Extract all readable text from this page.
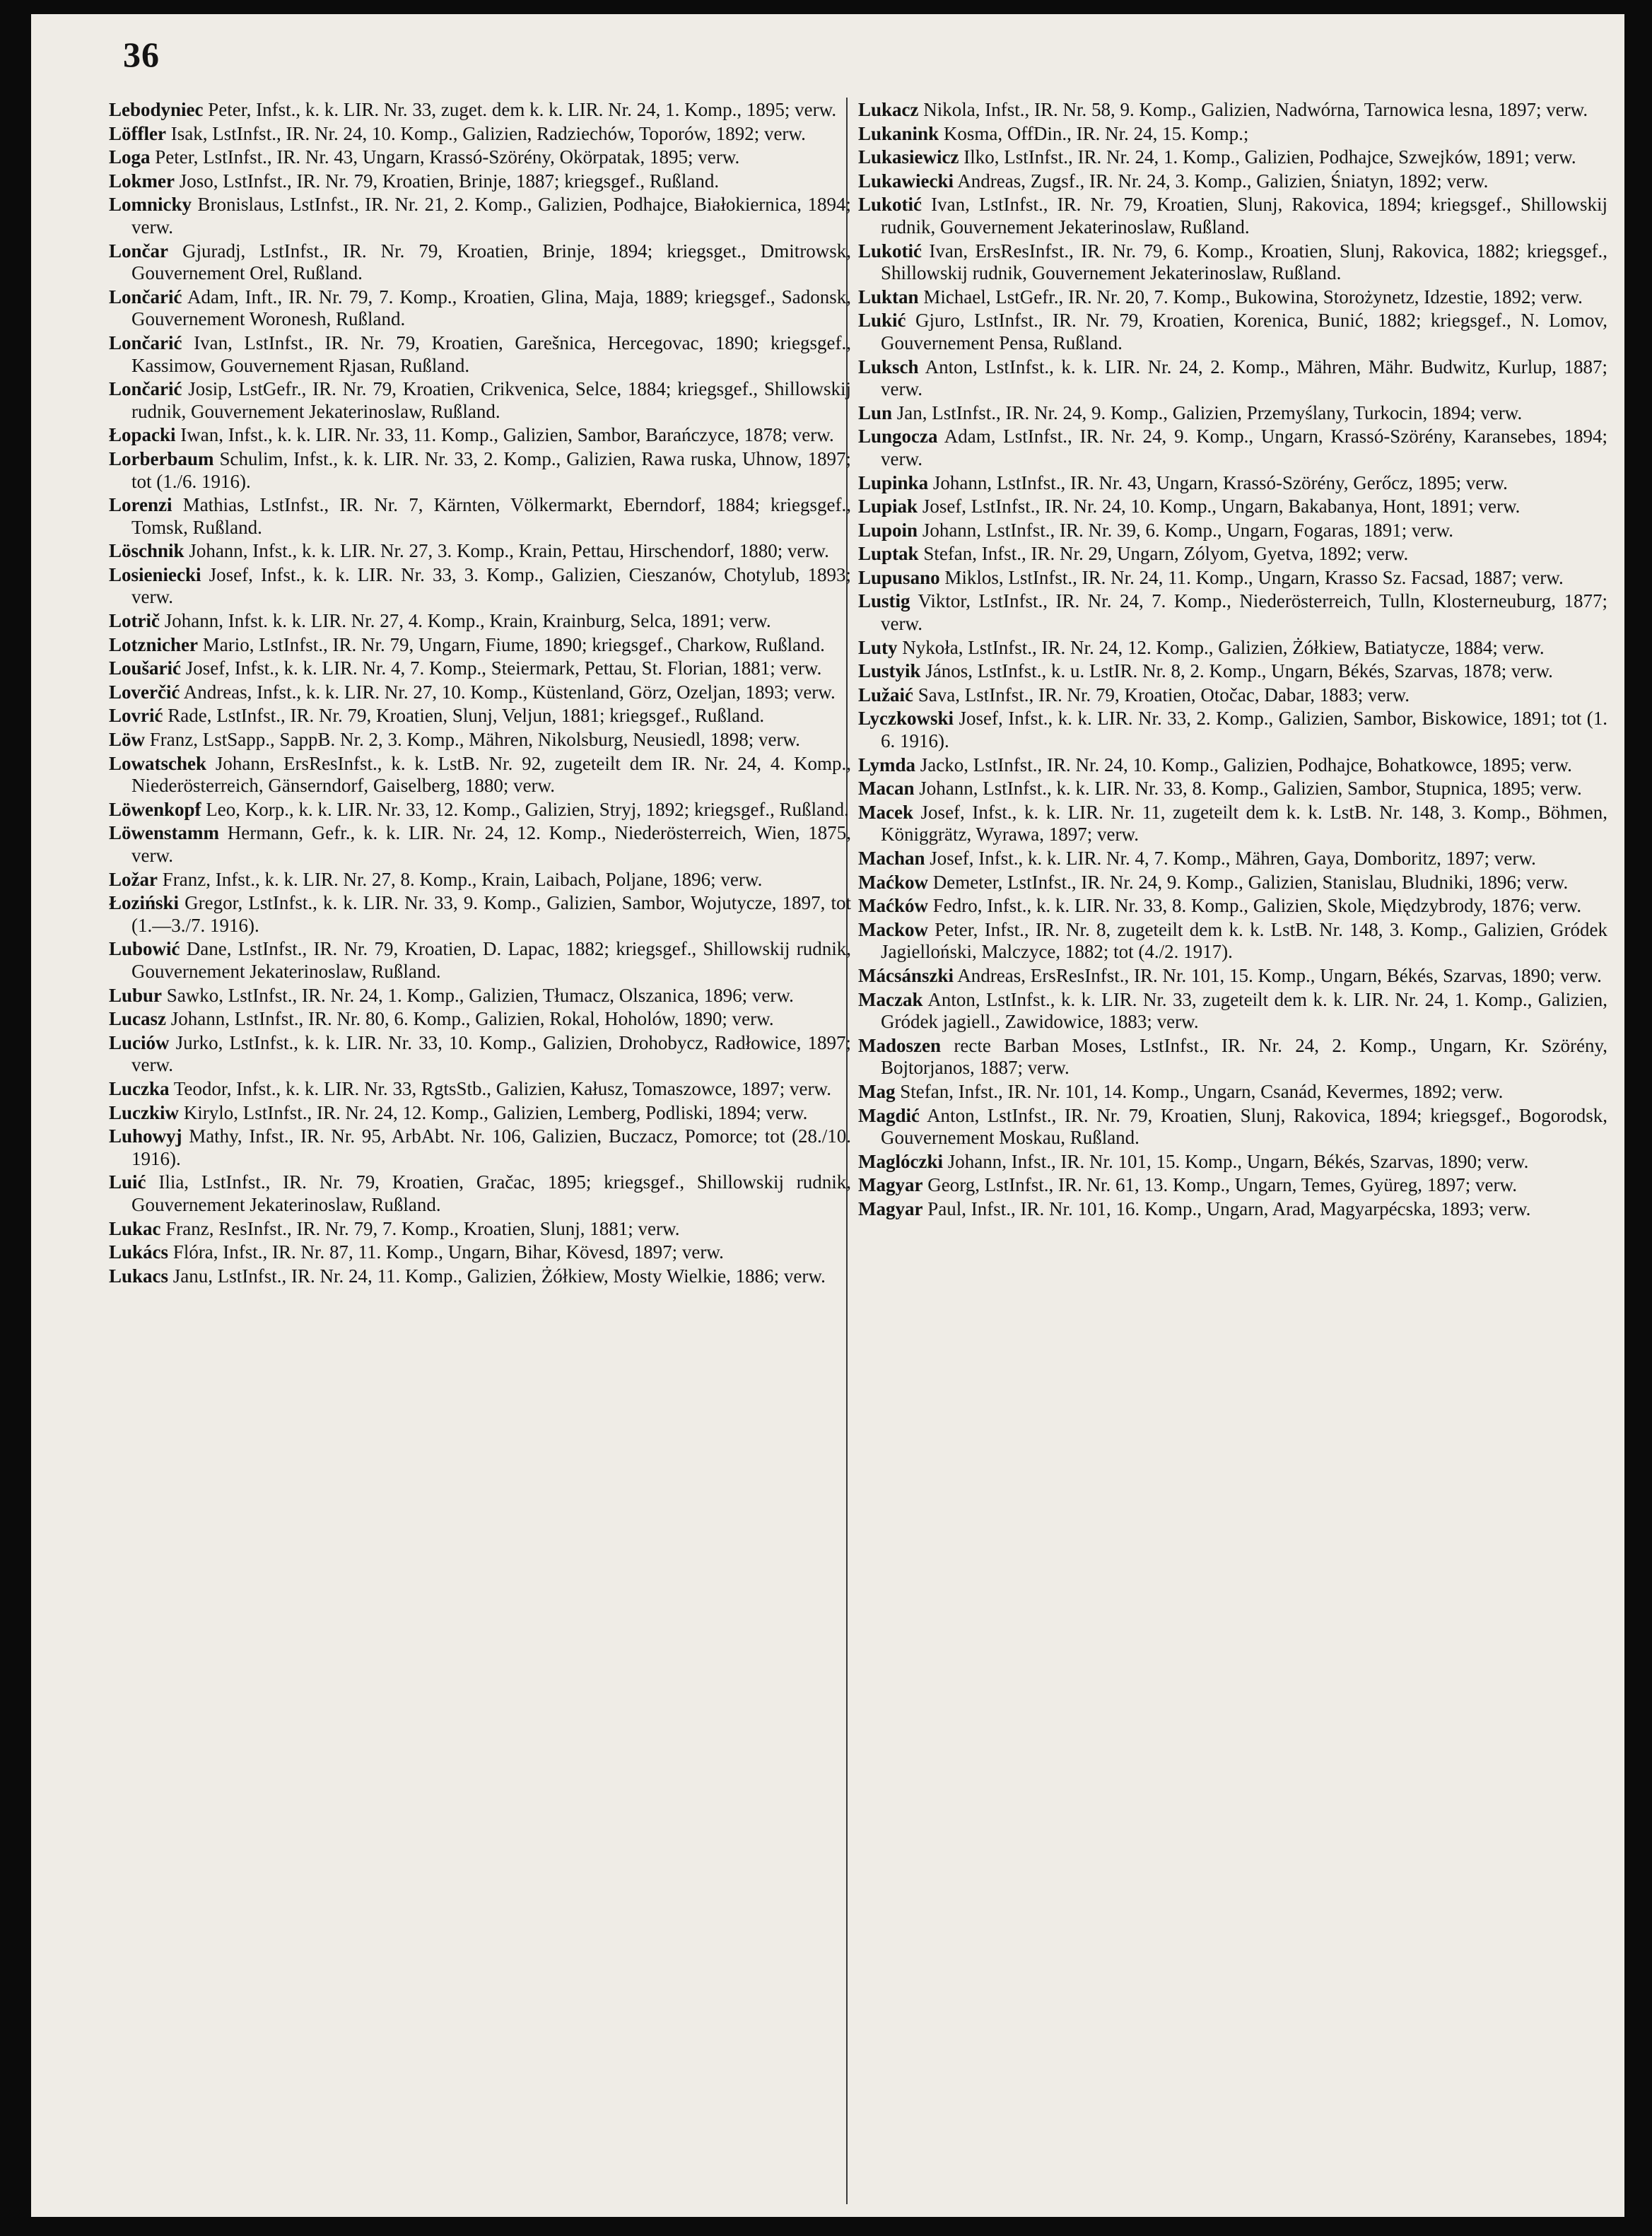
36

Lebodyniec Peter, Infst., k. k. LIR. Nr. 33, zuget. dem k. k. LIR. Nr. 24, 1. Komp., 1895; verw.

Löffler Isak, LstInfst., IR. Nr. 24, 10. Komp., Galizien, Radziechów, Toporów, 1892; verw.

Loga Peter, LstInfst., IR. Nr. 43, Ungarn, Krassó-Szörény, Okörpatak, 1895; verw.

Lokmer Joso, LstInfst., IR. Nr. 79, Kroatien, Brinje, 1887; kriegsgef., Rußland.

Lomnicky Bronislaus, LstInfst., IR. Nr. 21, 2. Komp., Galizien, Podhajce, Białokiernica, 1894; verw.

Lončar Gjuradj, LstInfst., IR. Nr. 79, Kroatien, Brinje, 1894; kriegsget., Dmitrowsk, Gouvernement Orel, Rußland.

Lončarić Adam, Inft., IR. Nr. 79, 7. Komp., Kroatien, Glina, Maja, 1889; kriegsgef., Sadonsk, Gouvernement Woronesh, Rußland.

Lončarić Ivan, LstInfst., IR. Nr. 79, Kroatien, Garešnica, Hercegovac, 1890; kriegsgef., Kassimow, Gouvernement Rjasan, Rußland.

Lončarić Josip, LstGefr., IR. Nr. 79, Kroatien, Crikvenica, Selce, 1884; kriegsgef., Shillowskij rudnik, Gouvernement Jekaterinoslaw, Rußland.

Łopacki Iwan, Infst., k. k. LIR. Nr. 33, 11. Komp., Galizien, Sambor, Barańczyce, 1878; verw.

Lorberbaum Schulim, Infst., k. k. LIR. Nr. 33, 2. Komp., Galizien, Rawa ruska, Uhnow, 1897; tot (1./6. 1916).

Lorenzi Mathias, LstInfst., IR. Nr. 7, Kärnten, Völkermarkt, Eberndorf, 1884; kriegsgef., Tomsk, Rußland.

Löschnik Johann, Infst., k. k. LIR. Nr. 27, 3. Komp., Krain, Pettau, Hirschendorf, 1880; verw.

Losieniecki Josef, Infst., k. k. LIR. Nr. 33, 3. Komp., Galizien, Cieszanów, Chotylub, 1893; verw.

Lotrič Johann, Infst. k. k. LIR. Nr. 27, 4. Komp., Krain, Krainburg, Selca, 1891; verw.

Lotznicher Mario, LstInfst., IR. Nr. 79, Ungarn, Fiume, 1890; kriegsgef., Charkow, Rußland.

Loušarić Josef, Infst., k. k. LIR. Nr. 4, 7. Komp., Steiermark, Pettau, St. Florian, 1881; verw.

Loverčić Andreas, Infst., k. k. LIR. Nr. 27, 10. Komp., Küstenland, Görz, Ozeljan, 1893; verw.

Lovrić Rade, LstInfst., IR. Nr. 79, Kroatien, Slunj, Veljun, 1881; kriegsgef., Rußland.

Löw Franz, LstSapp., SappB. Nr. 2, 3. Komp., Mähren, Nikolsburg, Neusiedl, 1898; verw.

Lowatschek Johann, ErsResInfst., k. k. LstB. Nr. 92, zugeteilt dem IR. Nr. 24, 4. Komp., Niederösterreich, Gänserndorf, Gaiselberg, 1880; verw.

Löwenkopf Leo, Korp., k. k. LIR. Nr. 33, 12. Komp., Galizien, Stryj, 1892; kriegsgef., Rußland.

Löwenstamm Hermann, Gefr., k. k. LIR. Nr. 24, 12. Komp., Niederösterreich, Wien, 1875, verw.

Ložar Franz, Infst., k. k. LIR. Nr. 27, 8. Komp., Krain, Laibach, Poljane, 1896; verw.

Łoziński Gregor, LstInfst., k. k. LIR. Nr. 33, 9. Komp., Galizien, Sambor, Wojutycze, 1897, tot (1.—3./7. 1916).

Lubowić Dane, LstInfst., IR. Nr. 79, Kroatien, D. Lapac, 1882; kriegsgef., Shillowskij rudnik, Gouvernement Jekaterinoslaw, Rußland.

Lubur Sawko, LstInfst., IR. Nr. 24, 1. Komp., Galizien, Tłumacz, Olszanica, 1896; verw.

Lucasz Johann, LstInfst., IR. Nr. 80, 6. Komp., Galizien, Rokal, Hoholów, 1890; verw.

Luciów Jurko, LstInfst., k. k. LIR. Nr. 33, 10. Komp., Galizien, Drohobycz, Radłowice, 1897; verw.

Luczka Teodor, Infst., k. k. LIR. Nr. 33, RgtsStb., Galizien, Kałusz, Tomaszowce, 1897; verw.

Luczkiw Kirylo, LstInfst., IR. Nr. 24, 12. Komp., Galizien, Lemberg, Podliski, 1894; verw.

Luhowyj Mathy, Infst., IR. Nr. 95, ArbAbt. Nr. 106, Galizien, Buczacz, Pomorce; tot (28./10. 1916).

Luić Ilia, LstInfst., IR. Nr. 79, Kroatien, Gračac, 1895; kriegsgef., Shillowskij rudnik, Gouvernement Jekaterinoslaw, Rußland.

Lukac Franz, ResInfst., IR. Nr. 79, 7. Komp., Kroatien, Slunj, 1881; verw.

Lukács Flóra, Infst., IR. Nr. 87, 11. Komp., Ungarn, Bihar, Kövesd, 1897; verw.

Lukacs Janu, LstInfst., IR. Nr. 24, 11. Komp., Galizien, Żółkiew, Mosty Wielkie, 1886; verw.

Lukacz Nikola, Infst., IR. Nr. 58, 9. Komp., Galizien, Nadwórna, Tarnowica lesna, 1897; verw.

Lukanink Kosma, OffDin., IR. Nr. 24, 15. Komp.;

Lukasiewicz Ilko, LstInfst., IR. Nr. 24, 1. Komp., Galizien, Podhajce, Szwejków, 1891; verw.

Lukawiecki Andreas, Zugsf., IR. Nr. 24, 3. Komp., Galizien, Śniatyn, 1892; verw.

Lukotić Ivan, LstInfst., IR. Nr. 79, Kroatien, Slunj, Rakovica, 1894; kriegsgef., Shillowskij rudnik, Gouvernement Jekaterinoslaw, Rußland.

Lukotić Ivan, ErsResInfst., IR. Nr. 79, 6. Komp., Kroatien, Slunj, Rakovica, 1882; kriegsgef., Shillowskij rudnik, Gouvernement Jekaterinoslaw, Rußland.

Luktan Michael, LstGefr., IR. Nr. 20, 7. Komp., Bukowina, Storożynetz, Idzestie, 1892; verw.

Lukić Gjuro, LstInfst., IR. Nr. 79, Kroatien, Korenica, Bunić, 1882; kriegsgef., N. Lomov, Gouvernement Pensa, Rußland.

Luksch Anton, LstInfst., k. k. LIR. Nr. 24, 2. Komp., Mähren, Mähr. Budwitz, Kurlup, 1887; verw.

Lun Jan, LstInfst., IR. Nr. 24, 9. Komp., Galizien, Przemyślany, Turkocin, 1894; verw.

Lungocza Adam, LstInfst., IR. Nr. 24, 9. Komp., Ungarn, Krassó-Szörény, Karansebes, 1894; verw.

Lupinka Johann, LstInfst., IR. Nr. 43, Ungarn, Krassó-Szörény, Gerőcz, 1895; verw.

Lupiak Josef, LstInfst., IR. Nr. 24, 10. Komp., Ungarn, Bakabanya, Hont, 1891; verw.

Lupoin Johann, LstInfst., IR. Nr. 39, 6. Komp., Ungarn, Fogaras, 1891; verw.

Luptak Stefan, Infst., IR. Nr. 29, Ungarn, Zólyom, Gyetva, 1892; verw.

Lupusano Miklos, LstInfst., IR. Nr. 24, 11. Komp., Ungarn, Krasso Sz. Facsad, 1887; verw.

Lustig Viktor, LstInfst., IR. Nr. 24, 7. Komp., Niederösterreich, Tulln, Klosterneuburg, 1877; verw.

Luty Nykoła, LstInfst., IR. Nr. 24, 12. Komp., Galizien, Żółkiew, Batiatycze, 1884; verw.

Lustyik János, LstInfst., k. u. LstIR. Nr. 8, 2. Komp., Ungarn, Békés, Szarvas, 1878; verw.

Lužaić Sava, LstInfst., IR. Nr. 79, Kroatien, Otočac, Dabar, 1883; verw.

Lyczkowski Josef, Infst., k. k. LIR. Nr. 33, 2. Komp., Galizien, Sambor, Biskowice, 1891; tot (1. 6. 1916).

Lymda Jacko, LstInfst., IR. Nr. 24, 10. Komp., Galizien, Podhajce, Bohatkowce, 1895; verw.

Macan Johann, LstInfst., k. k. LIR. Nr. 33, 8. Komp., Galizien, Sambor, Stupnica, 1895; verw.

Macek Josef, Infst., k. k. LIR. Nr. 11, zugeteilt dem k. k. LstB. Nr. 148, 3. Komp., Böhmen, Königgrätz, Wyrawa, 1897; verw.

Machan Josef, Infst., k. k. LIR. Nr. 4, 7. Komp., Mähren, Gaya, Domboritz, 1897; verw.

Maćkow Demeter, LstInfst., IR. Nr. 24, 9. Komp., Galizien, Stanislau, Bludniki, 1896; verw.

Maćków Fedro, Infst., k. k. LIR. Nr. 33, 8. Komp., Galizien, Skole, Międzybrody, 1876; verw.

Mackow Peter, Infst., IR. Nr. 8, zugeteilt dem k. k. LstB. Nr. 148, 3. Komp., Galizien, Gródek Jagielloński, Malczyce, 1882; tot (4./2. 1917).

Mácsánszki Andreas, ErsResInfst., IR. Nr. 101, 15. Komp., Ungarn, Békés, Szarvas, 1890; verw.

Maczak Anton, LstInfst., k. k. LIR. Nr. 33, zugeteilt dem k. k. LIR. Nr. 24, 1. Komp., Galizien, Gródek jagiell., Zawidowice, 1883; verw.

Madoszen recte Barban Moses, LstInfst., IR. Nr. 24, 2. Komp., Ungarn, Kr. Szörény, Bojtorjanos, 1887; verw.

Mag Stefan, Infst., IR. Nr. 101, 14. Komp., Ungarn, Csanád, Kevermes, 1892; verw.

Magdić Anton, LstInfst., IR. Nr. 79, Kroatien, Slunj, Rakovica, 1894; kriegsgef., Bogorodsk, Gouvernement Moskau, Rußland.

Maglóczki Johann, Infst., IR. Nr. 101, 15. Komp., Ungarn, Békés, Szarvas, 1890; verw.

Magyar Georg, LstInfst., IR. Nr. 61, 13. Komp., Ungarn, Temes, Gyüreg, 1897; verw.

Magyar Paul, Infst., IR. Nr. 101, 16. Komp., Ungarn, Arad, Magyarpécska, 1893; verw.
